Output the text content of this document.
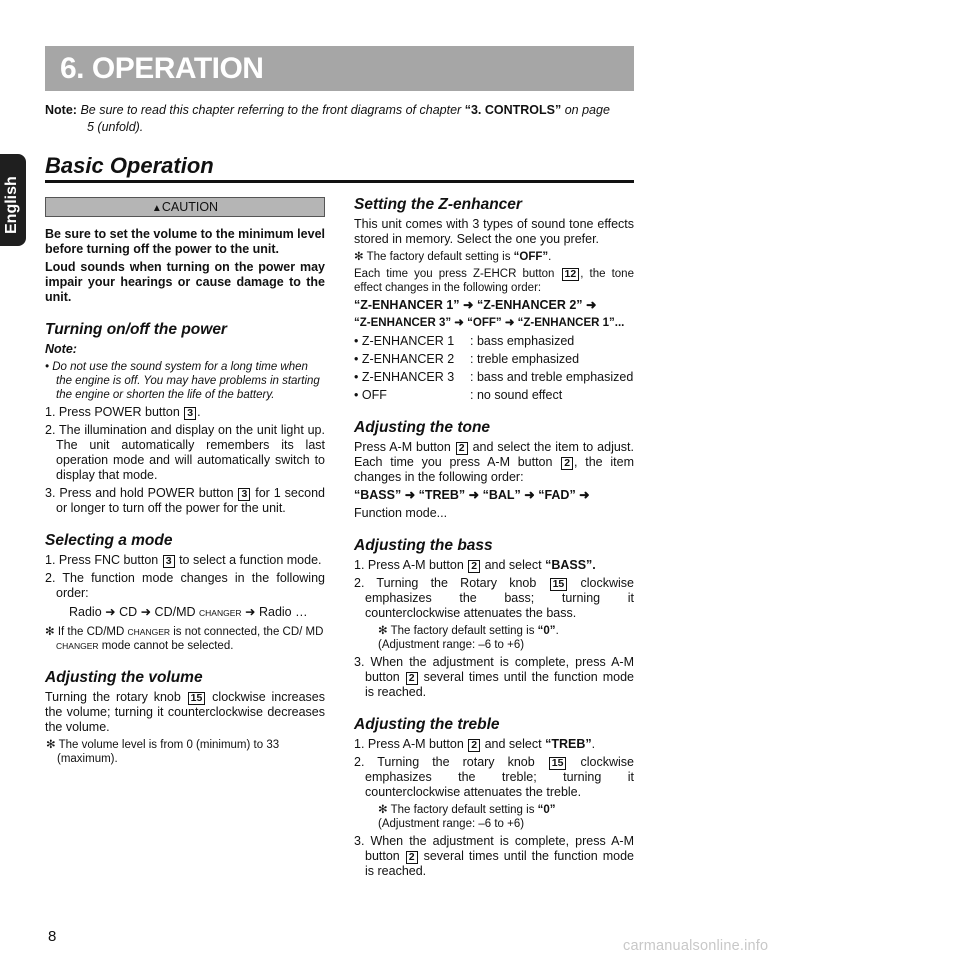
English
6. OPERATION
Note: Be sure to read this chapter referring to the front diagrams of chapter “3. CONTROLS” on page
5 (unfold).
Basic Operation
▲CAUTION

Be sure to set the volume to the minimum level before turning off the power to the unit.

Loud sounds when turning on the power may impair your hearings or cause damage to the unit.

Turning on/off the power

Note:

• Do not use the sound system for a long time when the engine is off. You may have problems in starting the engine or shorten the life of the battery.

1. Press POWER button 3 .

2. The illumination and display on the unit light up. The unit automatically remembers its last operation mode and will automatically switch to display that mode.

3. Press and hold POWER button 3 for 1 second or longer to turn off the power for the unit.

Selecting a mode

1. Press FNC button 3 to select a function mode.

2. The function mode changes in the following order:

Radio ➜ CD ➜ CD/MD CHANGER ➜ Radio …

✻ If the CD/MD CHANGER is not connected, the CD/ MD CHANGER mode cannot be selected.

Adjusting the volume

Turning the rotary knob 15 clockwise increases the volume; turning it counterclockwise decreases the volume.

✻ The volume level is from 0 (minimum) to 33 (maximum).

Setting the Z-enhancer

This unit comes with 3 types of sound tone effects stored in memory. Select the one you prefer.

✻ The factory default setting is “OFF”.

Each time you press Z-EHCR button 12 , the tone effect changes in the following order:

“Z-ENHANCER 1” ➜ “Z-ENHANCER 2” ➜

“Z-ENHANCER 3” ➜ “OFF” ➜ “Z-ENHANCER 1”...

• Z-ENHANCER 1	: bass emphasized
• Z-ENHANCER 2	: treble emphasized
• Z-ENHANCER 3	: bass and treble emphasized
• OFF	: no sound effect
Adjusting the tone

Press A-M button 2 and select the item to adjust. Each time you press A-M button 2 , the item changes in the following order:

“BASS” ➜ “TREB” ➜ “BAL” ➜ “FAD” ➜

Function mode...

Adjusting the bass

1. Press A-M button 2 and select “BASS”.

2. Turning the Rotary knob 15 clockwise emphasizes the bass; turning it counterclockwise attenuates the bass.

✻ The factory default setting is “0”.
(Adjustment range: –6 to +6)

3. When the adjustment is complete, press A-M button 2 several times until the function mode is reached.

Adjusting the treble

1. Press A-M button 2 and select “TREB”.

2. Turning the rotary knob 15 clockwise emphasizes the treble; turning it counterclockwise attenuates the treble.

✻ The factory default setting is “0”
(Adjustment range: –6 to +6)

3. When the adjustment is complete, press A-M button 2 several times until the function mode is reached.

8
carmanualsonline.info
